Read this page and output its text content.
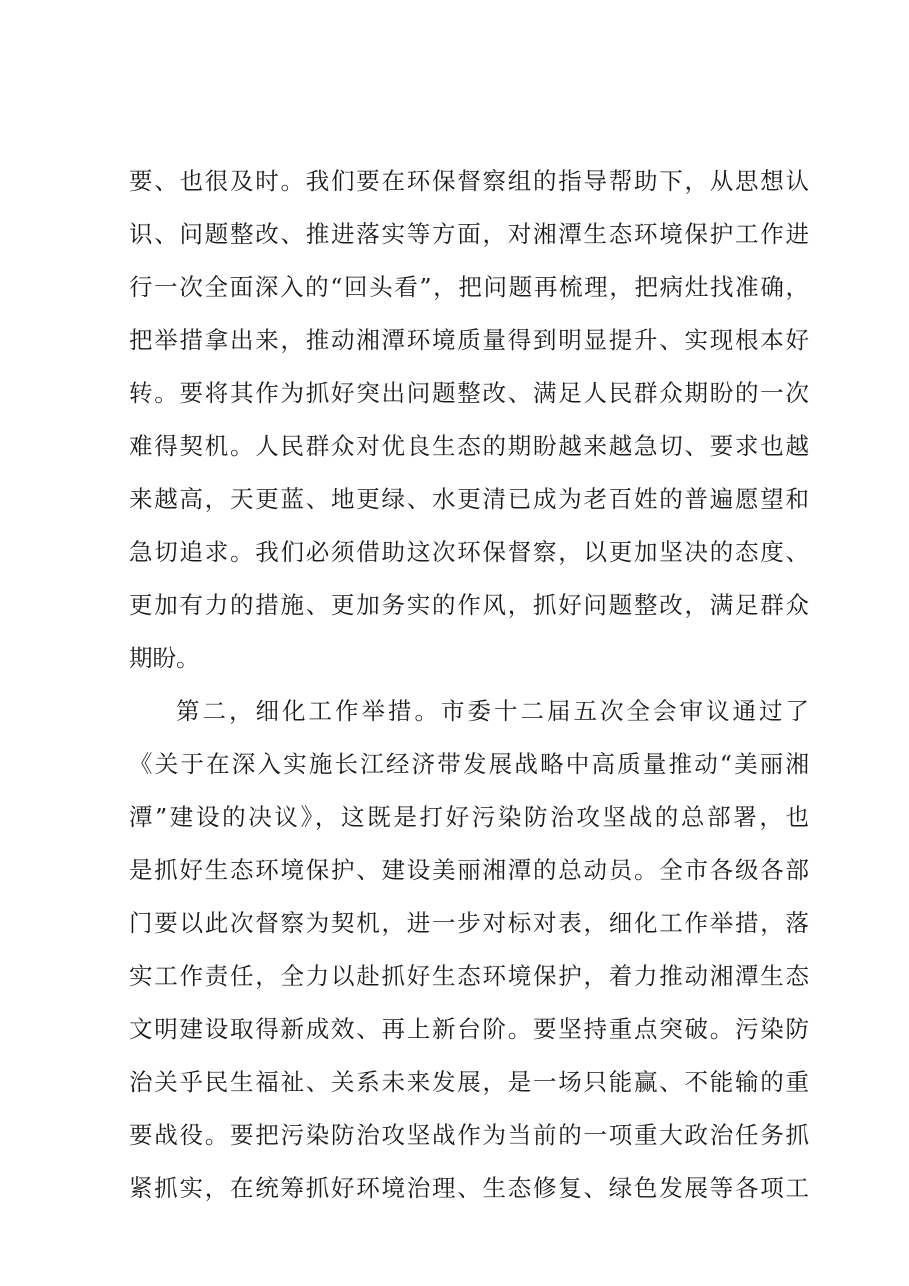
要、也很及时。我们要在环保督察组的指导帮助下，从思想认
识、问题整改、推进落实等方面，对湘潭生态环境保护工作进
行一次全面深入的“回头看”，把问题再梳理，把病灶找准确，
把举措拿出来，推动湘潭环境质量得到明显提升、实现根本好
转。要将其作为抓好突出问题整改、满足人民群众期盼的一次
难得契机。人民群众对优良生态的期盼越来越急切、要求也越
来越高，天更蓝、地更绿、水更清已成为老百姓的普遍愿望和
急切追求。我们必须借助这次环保督察，以更加坚决的态度、
更加有力的措施、更加务实的作风，抓好问题整改，满足群众
期盼。
第二，细化工作举措。市委十二届五次全会审议通过了
《关于在深入实施长江经济带发展战略中高质量推动“美丽湘
潭”建设的决议》，这既是打好污染防治攻坚战的总部署，也
是抓好生态环境保护、建设美丽湘潭的总动员。全市各级各部
门要以此次督察为契机，进一步对标对表，细化工作举措，落
实工作责任，全力以赴抓好生态环境保护，着力推动湘潭生态
文明建设取得新成效、再上新台阶。要坚持重点突破。污染防
治关乎民生福祉、关系未来发展，是一场只能赢、不能输的重
要战役。要把污染防治攻坚战作为当前的一项重大政治任务抓
紧抓实，在统筹抓好环境治理、生态修复、绿色发展等各项工
